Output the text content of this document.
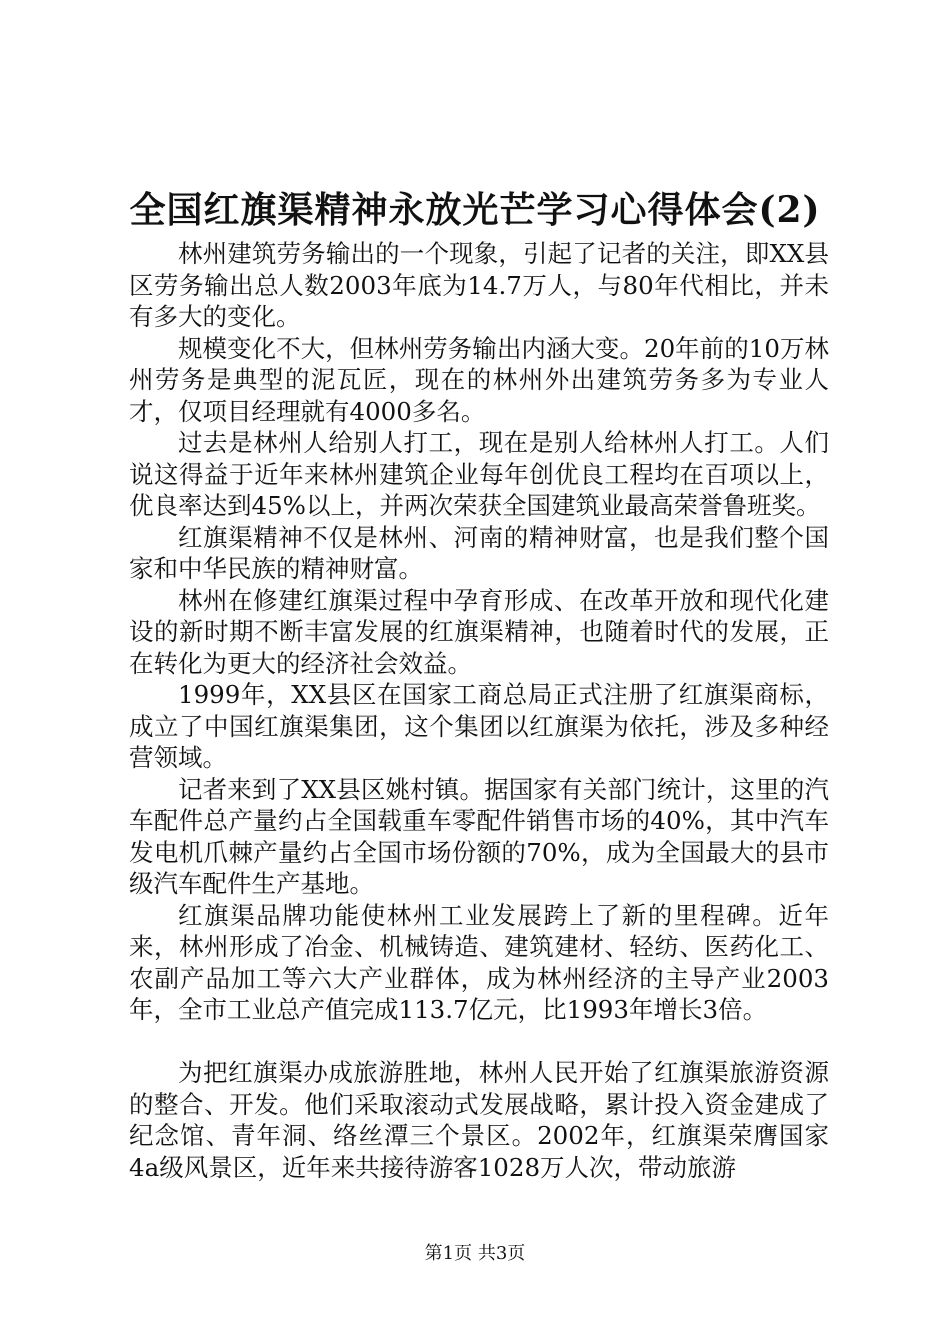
全国红旗渠精神永放光芒学习心得体会(2)

林州建筑劳务输出的一个现象，引起了记者的关注，即XX县区劳务输出总人数2003年底为14.7万人，与80年代相比，并未有多大的变化。

规模变化不大，但林州劳务输出内涵大变。20年前的10万林州劳务是典型的泥瓦匠，现在的林州外出建筑劳务多为专业人才，仅项目经理就有4000多名。

过去是林州人给别人打工，现在是别人给林州人打工。人们说这得益于近年来林州建筑企业每年创优良工程均在百项以上，优良率达到45%以上，并两次荣获全国建筑业最高荣誉鲁班奖。

红旗渠精神不仅是林州、河南的精神财富，也是我们整个国家和中华民族的精神财富。

林州在修建红旗渠过程中孕育形成、在改革开放和现代化建设的新时期不断丰富发展的红旗渠精神，也随着时代的发展，正在转化为更大的经济社会效益。

1999年，XX县区在国家工商总局正式注册了红旗渠商标，成立了中国红旗渠集团，这个集团以红旗渠为依托，涉及多种经营领域。

记者来到了XX县区姚村镇。据国家有关部门统计，这里的汽车配件总产量约占全国载重车零配件销售市场的40%，其中汽车发电机爪棘产量约占全国市场份额的70%，成为全国最大的县市级汽车配件生产基地。

红旗渠品牌功能使林州工业发展跨上了新的里程碑。近年来，林州形成了冶金、机械铸造、建筑建材、轻纺、医药化工、农副产品加工等六大产业群体，成为林州经济的主导产业2003年，全市工业总产值完成113.7亿元，比1993年增长3倍。

为把红旗渠办成旅游胜地，林州人民开始了红旗渠旅游资源的整合、开发。他们采取滚动式发展战略，累计投入资金建成了纪念馆、青年洞、络丝潭三个景区。2002年，红旗渠荣膺国家4a级风景区，近年来共接待游客1028万人次，带动旅游

第1页 共3页
